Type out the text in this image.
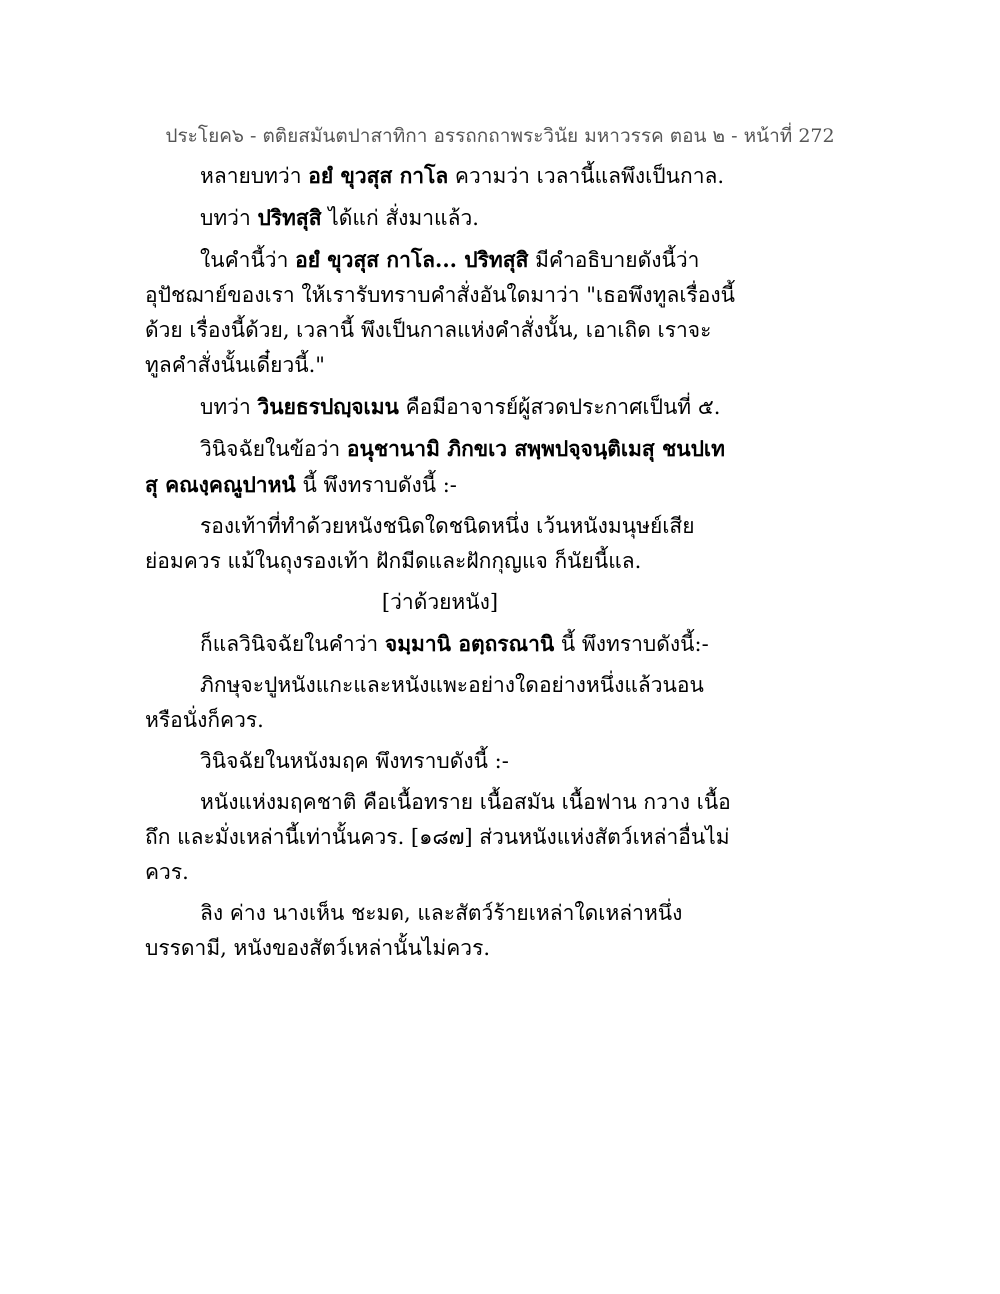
ประโยค๖ - ตติยสมันตปาสาทิกา อรรถกถาพระวินัย มหาวรรค ตอน ๒ - หน้าที่ 272
หลายบทว่า อยํ ขุวสุส กาโล ความว่า เวลานี้แลพึงเป็นกาล.
บทว่า ปริทสุสิ ได้แก่ สั่งมาแล้ว.
ในคำนี้ว่า อยํ ขุวสุส กาโล... ปริทสุสิ มีคำอธิบายดังนี้ว่า อุปัชฌาย์ของเรา ให้เรารับทราบคำสั่งอันใดมาว่า "เธอพึงทูลเรื่องนี้ด้วย เรื่องนี้ด้วย, เวลานี้ พึงเป็นกาลแห่งคำสั่งนั้น, เอาเถิด เราจะทูลคำสั่งนั้นเดี๋ยวนี้."
บทว่า วินยธรปญฺจเมน คือมีอาจารย์ผู้สวดประกาศเป็นที่ ๕.
วินิจฉัยในข้อว่า อนุชานามิ ภิกขเว สพฺพปจฺจนฺติเมสุ ชนปเทสุ คณงฺคณูปาหนํ นี้ พึงทราบดังนี้ :-
รองเท้าที่ทำด้วยหนังชนิดใดชนิดหนึ่ง เว้นหนังมนุษย์เสีย ย่อมควร แม้ในถุงรองเท้า ฝักมีดและฝักกุญแจ ก็นัยนี้แล.
[ว่าด้วยหนัง]
ก็แลวินิจฉัยในคำว่า จมฺมานิ อตฺถรณานิ นี้ พึงทราบดังนี้:-
ภิกษุจะปูหนังแกะและหนังแพะอย่างใดอย่างหนึ่งแล้วนอนหรือนั่งก็ควร.
วินิจฉัยในหนังมฤค พึงทราบดังนี้ :-
หนังแห่งมฤคชาติ คือเนื้อทราย เนื้อสมัน เนื้อฟาน กวาง เนื้อถึก และมั่งเหล่านี้เท่านั้นควร. [๑๘๗] ส่วนหนังแห่งสัตว์เหล่าอื่นไม่ควร.
ลิง ค่าง นางเห็น ชะมด, และสัตว์ร้ายเหล่าใดเหล่าหนึ่งบรรดามี, หนังของสัตว์เหล่านั้นไม่ควร.
